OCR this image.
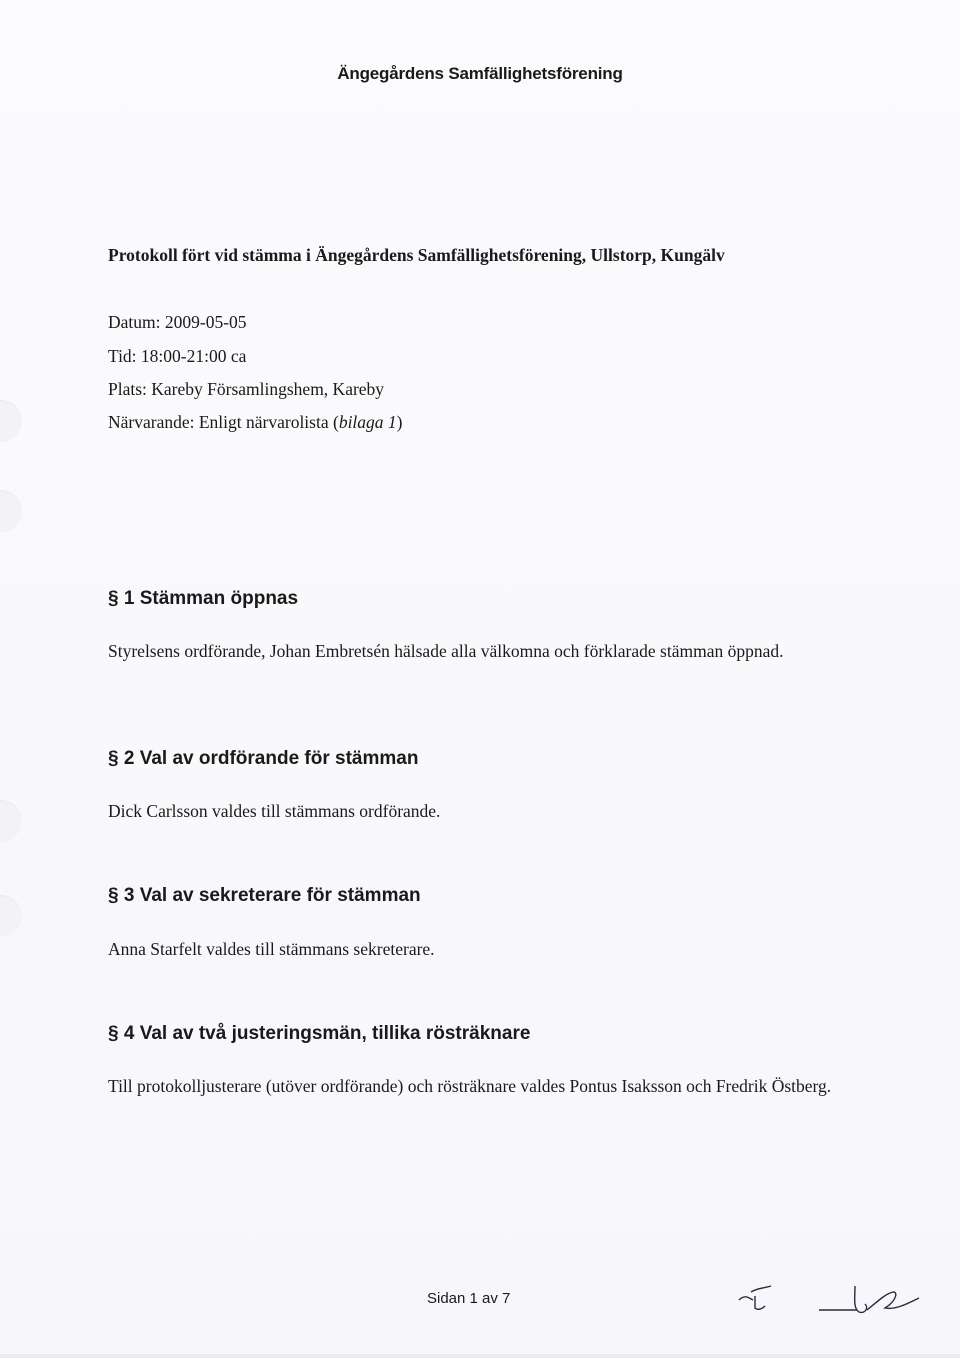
Ängegårdens Samfällighetsförening
Protokoll fört vid stämma i Ängegårdens Samfällighetsförening, Ullstorp, Kungälv
Datum: 2009-05-05
Tid: 18:00-21:00 ca
Plats: Kareby Församlingshem, Kareby
Närvarande: Enligt närvarolista (bilaga 1)
§ 1 Stämman öppnas
Styrelsens ordförande, Johan Embretsén hälsade alla välkomna och förklarade stämman öppnad.
§ 2 Val av ordförande för stämman
Dick Carlsson valdes till stämmans ordförande.
§ 3 Val av sekreterare för stämman
Anna Starfelt valdes till stämmans sekreterare.
§ 4 Val av två justeringsmän, tillika rösträknare
Till protokolljusterare (utöver ordförande) och rösträknare valdes Pontus Isaksson och Fredrik Östberg.
Sidan 1 av 7
